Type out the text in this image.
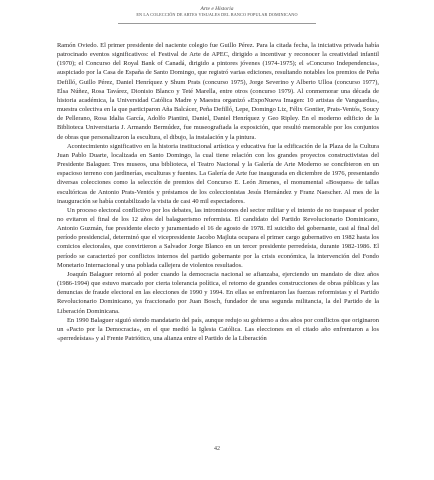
Arte e Historia
EN LA COLECCIÓN DE ARTES VISUALES DEL BANCO POPULAR DOMINICANO

Ramón Oviedo. El primer presidente del naciente colegio fue Guillo Pérez. Para la citada fecha, la iniciativa privada había patrocinado eventos significativos: el Festival de Arte de APEC, dirigido a incentivar y reconocer la creatividad infantil (1970); el Concurso del Royal Bank of Canadá, dirigido a pintores jóvenes (1974-1975); el «Concurso Independencia», auspiciado por la Casa de España de Santo Domingo, que registró varias ediciones, resultando notables los premios de Peña Defilló, Guillo Pérez, Daniel Henríquez y Shum Prats (concurso 1975), Jorge Severino y Alberto Ulloa (concurso 1977), Elsa Núñez, Rosa Tavárez, Dionisio Blanco y Teté Marella, entre otros (concurso 1979). Al conmemorar una década de historia académica, la Universidad Católica Madre y Maestra organizó «ExpoNueva Imagen: 10 artistas de Vanguardia», muestra colectiva en la que participaron Aña Balcácer, Peña Defilló, Lepe, Domingo Liz, Félix Gontier, Prats-Ventós, Soucy de Pellerano, Rosa Idalia García, Adolfo Piantini, Daniel, Daniel Henríquez y Geo Ripley. En el moderno edificio de la Biblioteca Universitaria J. Armando Bermúdez, fue museografiada la exposición, que resultó memorable por los conjuntos de obras que personalizaron la escultura, el dibujo, la instalación y la pintura.

Acontecimiento significativo en la historia institucional artística y educativa fue la edificación de la Plaza de la Cultura Juan Pablo Duarte, localizada en Santo Domingo, la cual tiene relación con los grandes proyectos constructivistas del Presidente Balaguer. Tres museos, una biblioteca, el Teatro Nacional y la Galería de Arte Moderno se concibieron en un espacioso terreno con jardinerías, esculturas y fuentes. La Galería de Arte fue inaugurada en diciembre de 1976, presentando diversas colecciones como la selección de premios del Concurso E. León Jimenes, el monumental «Bosques» de tallas escultóricas de Antonio Prats-Ventós y préstamos de los coleccionistas Jesús Hernández y Franz Naescher. Al mes de la inauguración se había contabilizado la visita de casi 40 mil espectadores.

Un proceso electoral conflictivo por los debates, las intromisiones del sector militar y el intento de no traspasar el poder no evitaron el final de los 12 años del balaguerismo reformista. El candidato del Partido Revolucionario Dominicano, Antonio Guzmán, fue presidente electo y juramentado el 16 de agosto de 1978. El suicidio del gobernante, casi al final del período presidencial, determinó que el vicepresidente Jacobo Majluta ocupara el primer cargo gubernativo en 1982 hasta los comicios electorales, que convirtieron a Salvador Jorge Blanco en un tercer presidente perredeísta, durante 1982-1986. El período se caracterizó por conflictos internos del partido gobernante por la crisis económica, la intervención del Fondo Monetario Internacional y una poblada callejera de violentos resultados.

Joaquín Balaguer retornó al poder cuando la democracia nacional se afianzaba, ejerciendo un mandato de diez años (1986-1994) que estuvo marcado por cierta tolerancia política, el retorno de grandes construcciones de obras públicas y las denuncias de fraude electoral en las elecciones de 1990 y 1994. En ellas se enfrentaron las fuerzas reformistas y el Partido Revolucionario Dominicano, ya fraccionado por Juan Bosch, fundador de una segunda militancia, la del Partido de la Liberación Dominicana.

En 1990 Balaguer siguió siendo mandatario del país, aunque redujo su gobierno a dos años por conflictos que originaron un «Pacto por la Democracia», en el que medió la Iglesia Católica. Las elecciones en el citado año enfrentaron a los «perredeístas» y al Frente Patriótico, una alianza entre el Partido de la Liberación

42
